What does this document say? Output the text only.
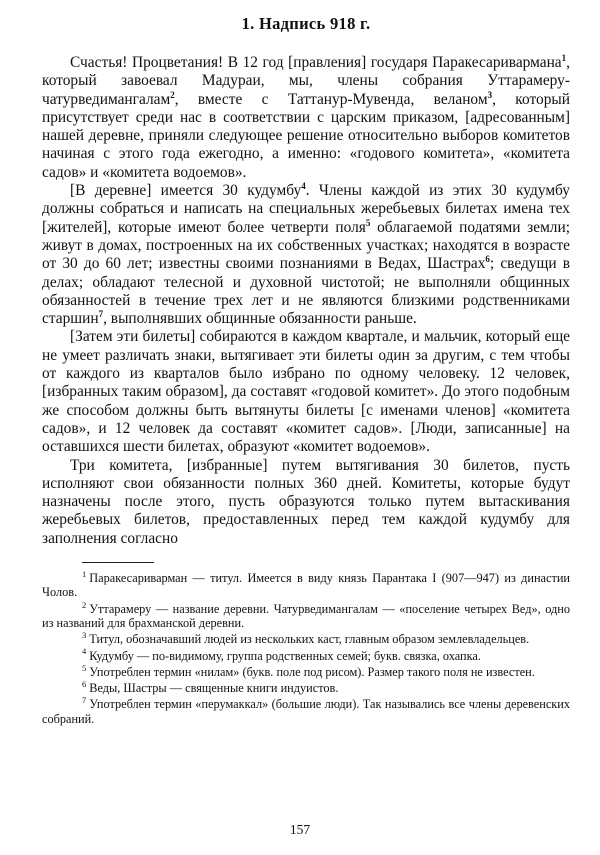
1. Надпись 918 г.

Счастья! Процветания! В 12 год [правления] государя Паракесаривармана$^1$, который завоевал Мадураи, мы, члены собрания Уттарамеру-чатурведимангалам$^2$, вместе с Таттанур-Мувенда, веланом$^3$, который присутствует среди нас в соответствии с царским приказом, [адресованным] нашей деревне, приняли следующее решение относительно выборов комитетов начиная с этого года ежегодно, а именно: «годового комитета», «комитета садов» и «комитета водоемов».

[В деревне] имеется 30 кудумбу$^4$. Члены каждой из этих 30 кудумбу должны собраться и написать на специальных жеребьевых билетах имена тех [жителей], которые имеют более четверти поля$^5$ облагаемой податями земли; живут в домах, построенных на их собственных участках; находятся в возрасте от 30 до 60 лет; известны своими познаниями в Ведах, Шастрах$^6$; сведущи в делах; обладают телесной и духовной чистотой; не выполняли общинных обязанностей в течение трех лет и не являются близкими родственниками старшин$^7$, выполнявших общинные обязанности раньше.

[Затем эти билеты] собираются в каждом квартале, и мальчик, который еще не умеет различать знаки, вытягивает эти билеты один за другим, с тем чтобы от каждого из кварталов было избрано по одному человеку. 12 человек, [избранных таким образом], да составят «годовой комитет». До этого подобным же способом должны быть вытянуты билеты [с именами членов] «комитета садов», и 12 человек да составят «комитет садов». [Люди, записанные] на оставшихся шести билетах, образуют «комитет водоемов».

Три комитета, [избранные] путем вытягивания 30 билетов, пусть исполняют свои обязанности полных 360 дней. Комитеты, которые будут назначены после этого, пусть образуются только путем вытаскивания жеребьевых билетов, предоставленных перед тем каждой кудумбу для заполнения согласно

$^1$ Паракесариварман — титул. Имеется в виду князь Парантака I (907—947) из династии Чолов.
$^2$ Уттарамеру — название деревни. Чатурведимангалам — «поселение четырех Вед», одно из названий для брахманской деревни.
$^3$ Титул, обозначавший людей из нескольких каст, главным образом землевладельцев.
$^4$ Кудумбу — по-видимому, группа родственных семей; букв. связка, охапка.
$^5$ Употреблен термин «нилам» (букв. поле под рисом). Размер такого поля не известен.
$^6$ Веды, Шастры — священные книги индуистов.
$^7$ Употреблен термин «перумаккал» (большие люди). Так назывались все члены деревенских собраний.
157
